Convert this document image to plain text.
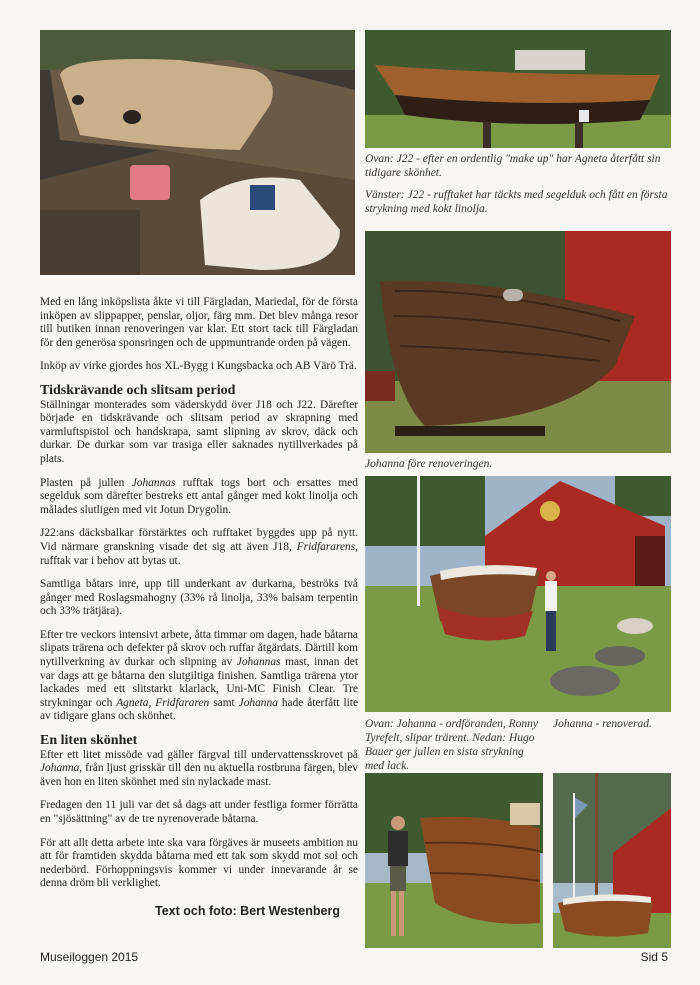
Ovan: J22 - efter en ordentlig "make up" har Agneta återfått sin tidigare skönhet.
Vänster: J22 - rufftaket har täckts med segelduk och fått en första strykning med kokt linolja.
Johanna före renoveringen.
Ovan: Johanna - ordföranden, Ronny Tyrefelt, slipar trärent. Nedan: Hugo Bauer ger jullen en sista strykning med lack.
Johanna - renoverad.

Med en lång inköpslista åkte vi till Färgladan, Mariedal, för de första inköpen av slippapper, penslar, oljor, färg mm. Det blev många resor till butiken innan renoveringen var klar. Ett stort tack till Färgladan för den generösa sponsringen och de uppmuntrande orden på vägen.

Inköp av virke gjordes hos XL-Bygg i Kungsbacka och AB Värö Trä.

Tidskrävande och slitsam period

Ställningar monterades som väderskydd över J18 och J22. Därefter började en tidskrävande och slitsam period av skrapning med varmluftspistol och handskrapa, samt slipning av skrov, däck och durkar. De durkar som var trasiga eller saknades nytillverkades på plats.

Plasten på jullen Johannas rufftak togs bort och ersattes med segelduk som därefter bestreks ett antal gånger med kokt linolja och målades slutligen med vit Jotun Drygolin.

J22:ans däcksbalkar förstärktes och rufftaket byggdes upp på nytt. Vid närmare granskning visade det sig att även J18, Fridfararens, rufftak var i behov att bytas ut.

Samtliga båtars inre, upp till underkant av durkarna, beströks två gånger med Roslagsmahogny (33% rå linolja, 33% balsam terpentin och 33% trätjära).

Efter tre veckors intensivt arbete, åtta timmar om dagen, hade båtarna slipats trärena och defekter på skrov och ruffar åtgärdats. Därtill kom nytillverkning av durkar och slipning av Johannas mast, innan det var dags att ge båtarna den slutgiltiga finishen. Samtliga trärena ytor lackades med ett slitstarkt klarlack, Uni-MC Finish Clear. Tre strykningar och Agneta, Fridfararen samt Johanna hade återfått lite av tidigare glans och skönhet.

En liten skönhet

Efter ett litet missöde vad gäller färgval till undervattensskrovet på Johanna, från ljust grisskär till den nu aktuella rostbruna färgen, blev även hon en liten skönhet med sin nylackade mast.

Fredagen den 11 juli var det så dags att under festliga former förrätta en "sjösättning" av de tre nyrenoverade båtarna.

För att allt detta arbete inte ska vara förgäves är museets ambition nu att för framtiden skydda båtarna med ett tak som skydd mot sol och nederbörd. Förhoppningsvis kommer vi under innevarande år se denna dröm bli verklighet.

Text och foto: Bert Westenberg
Museiloggen 2015	Sid 5
